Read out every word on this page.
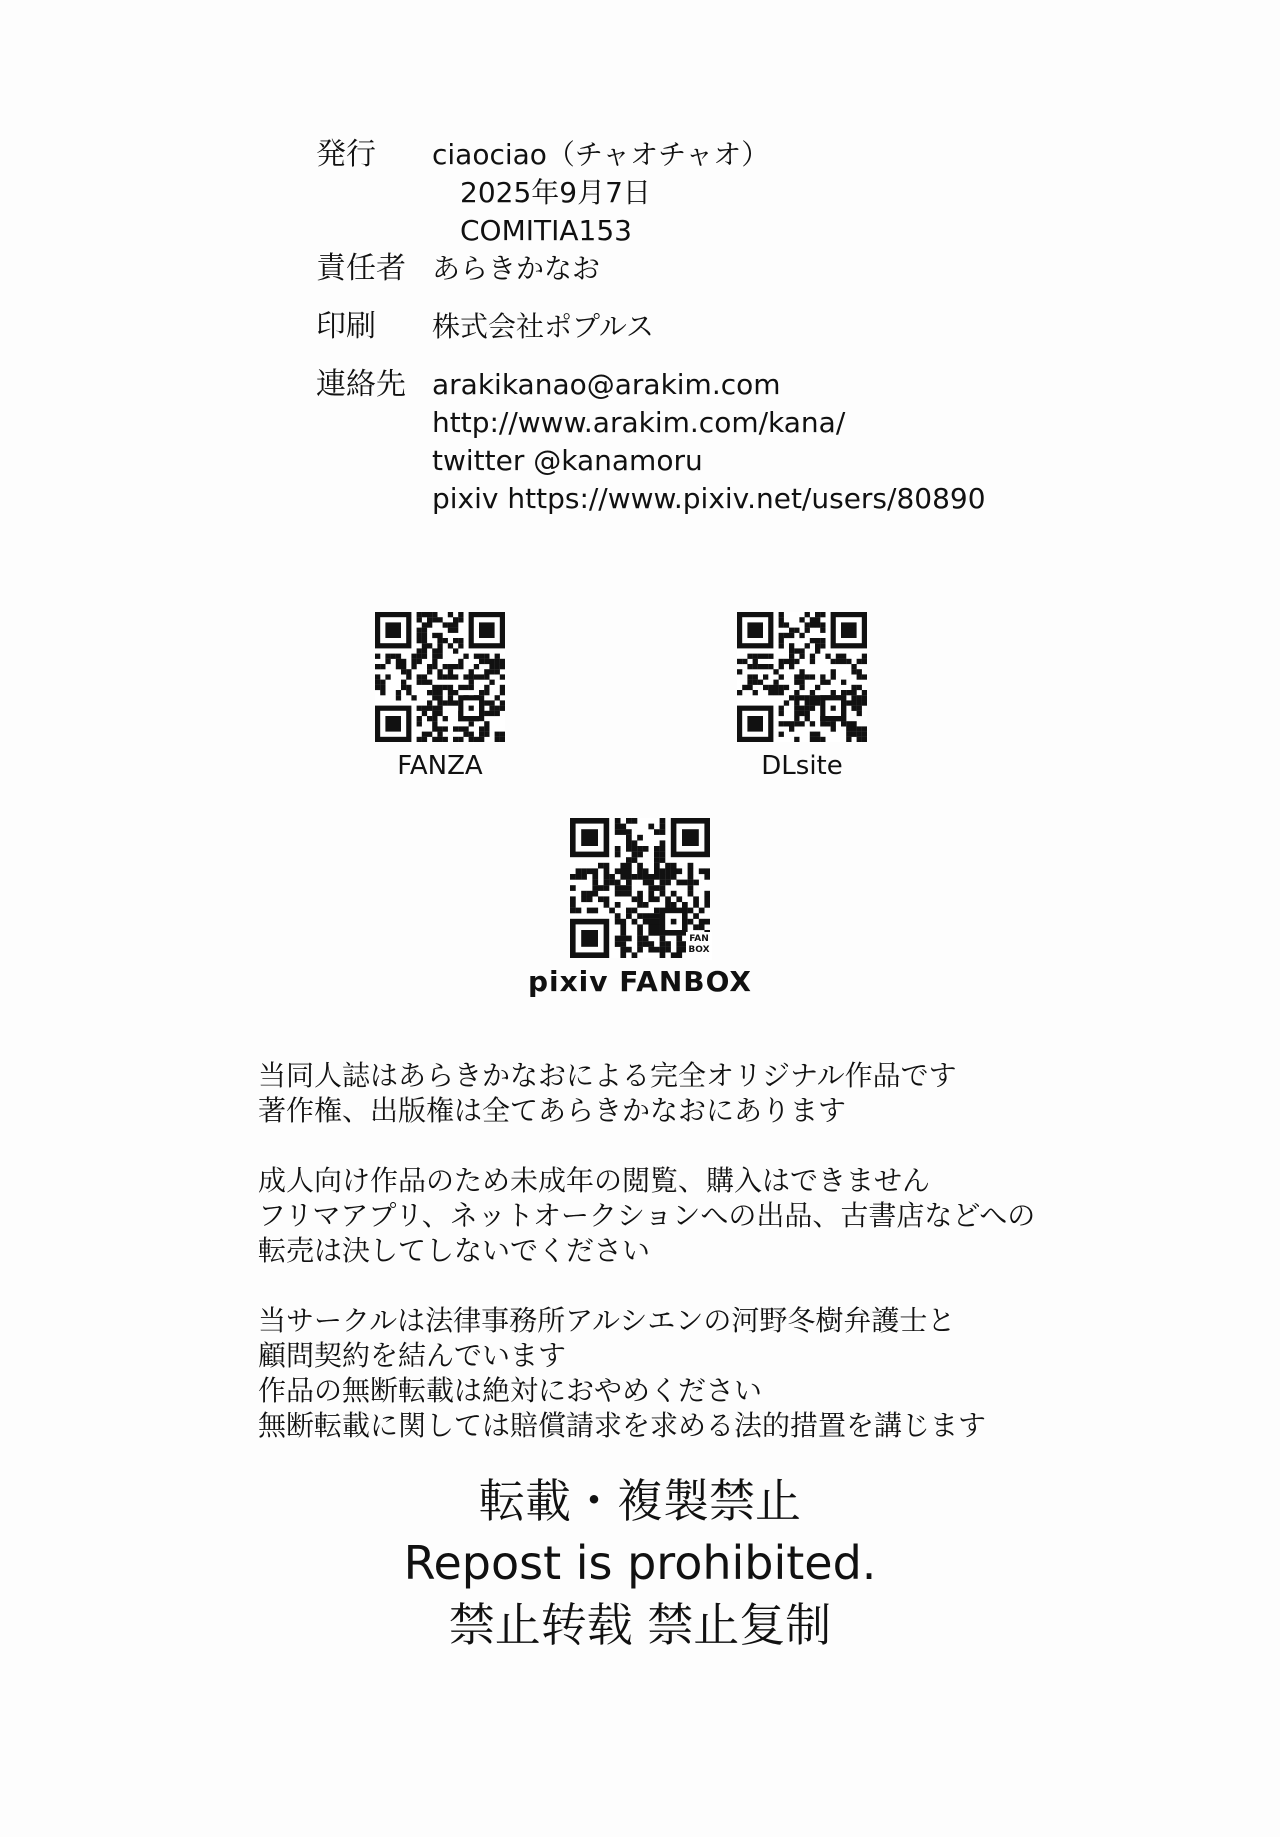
発行	ciaociao（チャオチャオ）
2025年9月7日
COMITIA153
責任者 あらきかなお
印刷	株式会社ポプルス
連絡先 arakikanao@arakim.com
http://www.arakim.com/kana/
twitter @kanamoru
pixiv https://www.pixiv.net/users/80890
FANZA	DLsite
FAN
BOX
pixiv FANBOX
当同人誌はあらきかなおによる完全オリジナル作品です
著作権、出版権は全てあらきかなおにあります
成人向け作品のため未成年の閲覧、購入はできません
フリマアプリ、ネットオークションへの出品、古書店などへの
転売は決してしないでください
当サークルは法律事務所アルシエンの河野冬樹弁護士と
顧問契約を結んでいます
作品の無断転載は絶対におやめください
無断転載に関しては賠償請求を求める法的措置を講じます
転載・複製禁止
Repost is prohibited.
禁止转载 禁止复制
